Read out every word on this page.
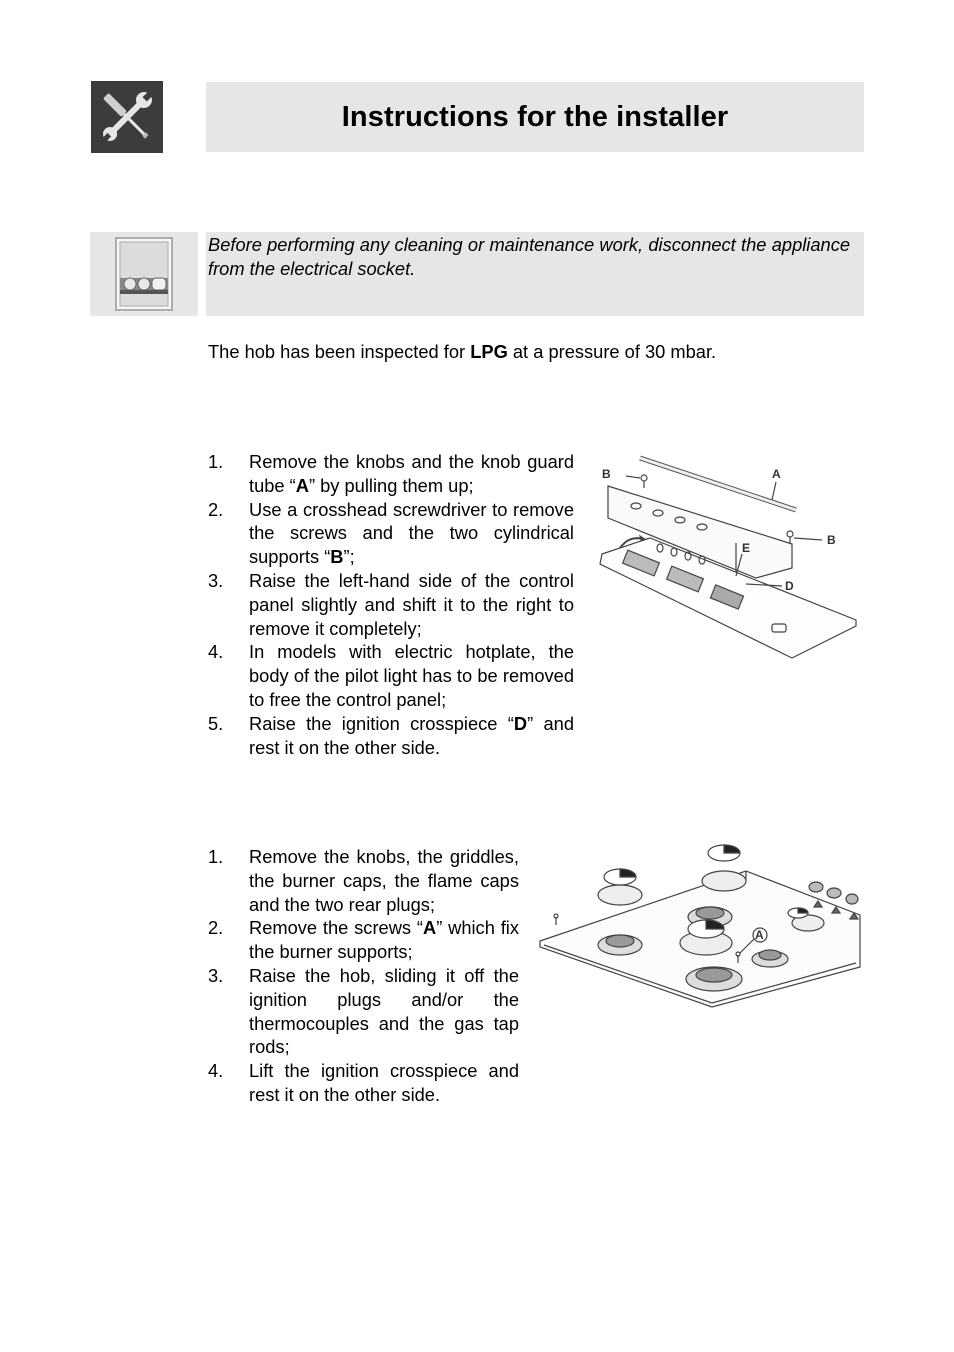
Instructions for the installer

Before performing any cleaning or maintenance work, disconnect the appliance from the electrical socket.

The hob has been inspected for LPG at a pressure of 30 mbar.

1.	Remove the knobs and the knob guard tube “A” by pulling them up;
2.	Use a crosshead screwdriver to remove the screws and the two cylindrical supports “B”;
3.	Raise the left-hand side of the control panel slightly and shift it to the right to remove it completely;
4.	In models with electric hotplate, the body of the pilot light has to be removed to free the control panel;
5.	Raise the ignition crosspiece “D” and rest it on the other side.
B	A
B
E
D
1.	Remove the knobs, the griddles, the burner caps, the flame caps and the two rear plugs;
2.	Remove the screws “A” which fix the burner supports;
3.	Raise the hob, sliding it off the ignition plugs and/or the thermocouples and the gas tap rods;
4.	Lift the ignition crosspiece and rest it on the other side.
A
